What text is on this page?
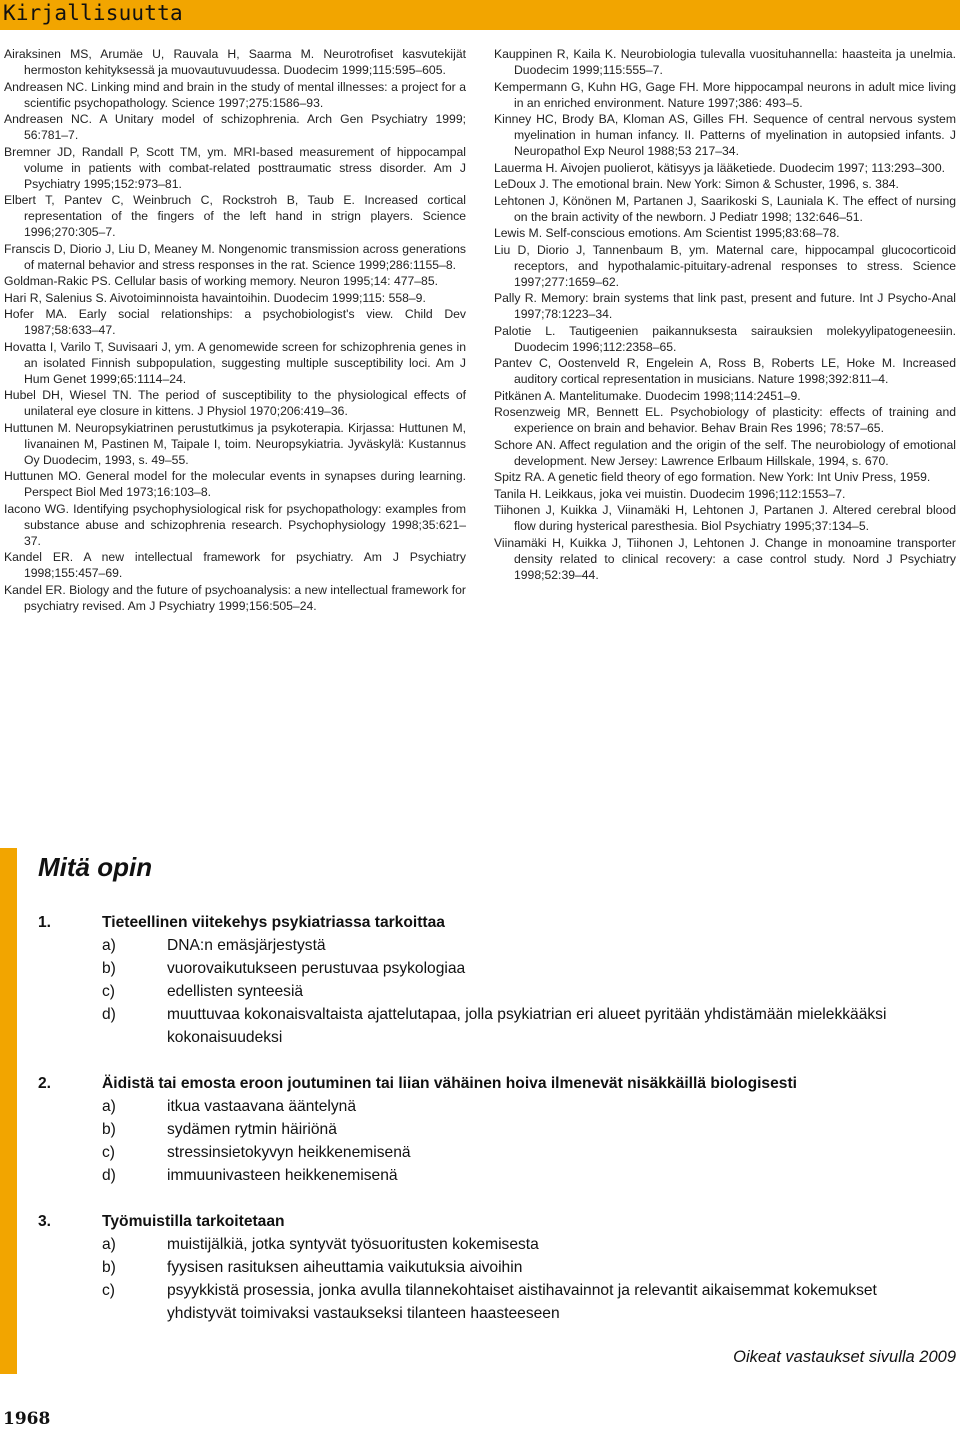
Kirjallisuutta
Airaksinen MS, Arumäe U, Rauvala H, Saarma M. Neurotrofiset kasvutekijät hermoston kehityksessä ja muovautuvuudessa. Duodecim 1999;115:595–605.
Andreasen NC. Linking mind and brain in the study of mental illnesses: a project for a scientific psychopathology. Science 1997;275:1586–93.
Andreasen NC. A Unitary model of schizophrenia. Arch Gen Psychiatry 1999; 56:781–7.
Bremner JD, Randall P, Scott TM, ym. MRI-based measurement of hippocampal volume in patients with combat-related posttraumatic stress disorder. Am J Psychiatry 1995;152:973–81.
Elbert T, Pantev C, Weinbruch C, Rockstroh B, Taub E. Increased cortical representation of the fingers of the left hand in strign players. Science 1996;270:305–7.
Franscis D, Diorio J, Liu D, Meaney M. Nongenomic transmission across generations of maternal behavior and stress responses in the rat. Science 1999;286:1155–8.
Goldman-Rakic PS. Cellular basis of working memory. Neuron 1995;14: 477–85.
Hari R, Salenius S. Aivotoiminnoista havaintoihin. Duodecim 1999;115: 558–9.
Hofer MA. Early social relationships: a psychobiologist's view. Child Dev 1987;58:633–47.
Hovatta I, Varilo T, Suvisaari J, ym. A genomewide screen for schizophrenia genes in an isolated Finnish subpopulation, suggesting multiple susceptibility loci. Am J Hum Genet 1999;65:1114–24.
Hubel DH, Wiesel TN. The period of susceptibility to the physiological effects of unilateral eye closure in kittens. J Physiol 1970;206:419–36.
Huttunen M. Neuropsykiatrinen perustutkimus ja psykoterapia. Kirjassa: Huttunen M, Iivanainen M, Pastinen M, Taipale I, toim. Neuropsykiatria. Jyväskylä: Kustannus Oy Duodecim, 1993, s. 49–55.
Huttunen MO. General model for the molecular events in synapses during learning. Perspect Biol Med 1973;16:103–8.
Iacono WG. Identifying psychophysiological risk for psychopathology: examples from substance abuse and schizophrenia research. Psychophysiology 1998;35:621–37.
Kandel ER. A new intellectual framework for psychiatry. Am J Psychiatry 1998;155:457–69.
Kandel ER. Biology and the future of psychoanalysis: a new intellectual framework for psychiatry revised. Am J Psychiatry 1999;156:505–24.
Kauppinen R, Kaila K. Neurobiologia tulevalla vuosituhannella: haasteita ja unelmia. Duodecim 1999;115:555–7.
Kempermann G, Kuhn HG, Gage FH. More hippocampal neurons in adult mice living in an enriched environment. Nature 1997;386: 493–5.
Kinney HC, Brody BA, Kloman AS, Gilles FH. Sequence of central nervous system myelination in human infancy. II. Patterns of myelination in autopsied infants. J Neuropathol Exp Neurol 1988;53 217–34.
Lauerma H. Aivojen puolierot, kätisyys ja lääketiede. Duodecim 1997; 113:293–300.
LeDoux J. The emotional brain. New York: Simon & Schuster, 1996, s. 384.
Lehtonen J, Könönen M, Partanen J, Saarikoski S, Launiala K. The effect of nursing on the brain activity of the newborn. J Pediatr 1998; 132:646–51.
Lewis M. Self-conscious emotions. Am Scientist 1995;83:68–78.
Liu D, Diorio J, Tannenbaum B, ym. Maternal care, hippocampal glucocorticoid receptors, and hypothalamic-pituitary-adrenal responses to stress. Science 1997;277:1659–62.
Pally R. Memory: brain systems that link past, present and future. Int J Psycho-Anal 1997;78:1223–34.
Palotie L. Tautigeenien paikannuksesta sairauksien molekyylipatogeneesiin. Duodecim 1996;112:2358–65.
Pantev C, Oostenveld R, Engelein A, Ross B, Roberts LE, Hoke M. Increased auditory cortical representation in musicians. Nature 1998;392:811–4.
Pitkänen A. Mantelitumake. Duodecim 1998;114:2451–9.
Rosenzweig MR, Bennett EL. Psychobiology of plasticity: effects of training and experience on brain and behavior. Behav Brain Res 1996; 78:57–65.
Schore AN. Affect regulation and the origin of the self. The neurobiology of emotional development. New Jersey: Lawrence Erlbaum Hillskale, 1994, s. 670.
Spitz RA. A genetic field theory of ego formation. New York: Int Univ Press, 1959.
Tanila H. Leikkaus, joka vei muistin. Duodecim 1996;112:1553–7.
Tiihonen J, Kuikka J, Viinamäki H, Lehtonen J, Partanen J. Altered cerebral blood flow during hysterical paresthesia. Biol Psychiatry 1995;37:134–5.
Viinamäki H, Kuikka J, Tiihonen J, Lehtonen J. Change in monoamine transporter density related to clinical recovery: a case control study. Nord J Psychiatry 1998;52:39–44.
Mitä opin
1.	Tieteellinen viitekehys psykiatriassa tarkoittaa
a)	DNA:n emäsjärjestystä
b)	vuorovaikutukseen perustuvaa psykologiaa
c)	edellisten synteesiä
d)	muuttuvaa kokonaisvaltaista ajattelutapaa, jolla psykiatrian eri alueet pyritään yhdistämään mielekkääksi kokonaisuudeksi
2.	Äidistä tai emosta eroon joutuminen tai liian vähäinen hoiva ilmenevät nisäkkäillä biologisesti
a)	itkua vastaavana ääntelynä
b)	sydämen rytmin häiriönä
c)	stressinsietokyvyn heikkenemisenä
d)	immuunivasteen heikkenemisenä
3.	Työmuistilla tarkoitetaan
a)	muistijälkiä, jotka syntyvät työsuoritusten kokemisesta
b)	fyysisen rasituksen aiheuttamia vaikutuksia aivoihin
c)	psyykkistä prosessia, jonka avulla tilannekohtaiset aistihavainnot ja relevantit aikaisemmat kokemukset yhdistyvät toimivaksi vastaukseksi tilanteen haasteeseen
Oikeat vastaukset sivulla 2009
1968
